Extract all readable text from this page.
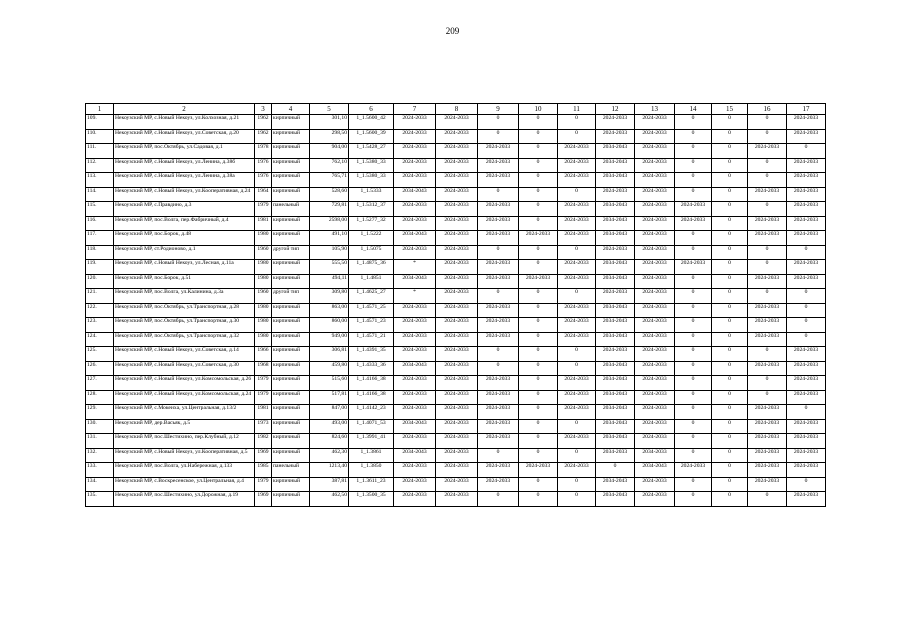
209
1	2	3	4	5	6	7	8	9	10	11	12	13	14	15	16	17
109.	Некоузский МР, с.Новый Некоуз, ул.Колхозная, д.21	1962	кирпичный	301,10	1_1.5600_42	2024-2033	2024-2033	0	0	0	2024-2033	2024-2033	0	0	0	2024-2033
110.	Некоузский МР, с.Новый Некоуз, ул.Советская, д.20	1962	кирпичный	298,50	1_1.5600_39	2024-2033	2024-2033	0	0	0	2024-2033	2024-2033	0	0	0	2024-2033
111.	Некоузский МР, пос.Октябрь, ул.Садовая, д.1	1978	кирпичный	904,00	1_1.5428_27	2024-2033	2024-2033	2024-2033	0	2024-2033	2034-2043	2024-2033	0	0	2024-2033	0
112.	Некоузский МР, с.Новый Некоуз, ул.Ленина, д.38б	1976	кирпичный	762,10	1_1.5380_33	2024-2033	2024-2033	2024-2033	0	2024-2033	2034-2043	2024-2033	0	0	0	2024-2033
113.	Некоузский МР, с.Новый Некоуз, ул.Ленина, д.38а	1976	кирпичный	765,71	1_1.5380_33	2024-2033	2024-2033	2024-2033	0	2024-2033	2034-2043	2024-2033	0	0	0	2024-2033
114.	Некоузский МР, с.Новый Некоуз, ул.Кооперативная, д.24	1964	кирпичный	528,60	1_1.5333	2034-2043	2024-2033	0	0	0	2024-2033	2024-2033	0	0	2024-2033	2024-2033
115.	Некоузский МР, с.Правдино, д.3	1979	панельный	729,81	1_1.5312_37	2024-2033	2024-2033	2024-2033	0	2024-2033	2034-2043	2024-2033	2024-2033	0	0	2024-2033
116.	Некоузский МР, пос.Волга, пер.Фабричный, д.4	1981	кирпичный	2598,00	1_1.5277_32	2024-2033	2024-2033	2024-2033	0	2024-2033	2034-2043	2024-2033	2024-2033	0	2024-2033	2024-2033
117.	Некоузский МР, пос.Борок, д.48	1980	кирпичный	491,10	1_1.5222	2034-2043	2024-2033	2024-2033	2024-2033	2024-2033	2034-2043	2024-2033	0	0	2024-2033	2024-2033
118.	Некоузский МР, ст.Родионово, д.1	1960	другой тип	105,90	1_1.5075	2024-2033	2024-2033	0	0	0	2024-2033	2024-2033	0	0	0	0
119.	Некоузский МР, с.Новый Некоуз, ул.Лесная, д.11а	1980	кирпичный	555,50	1_1.4875_36	*	2024-2033	2024-2033	0	2024-2033	2034-2043	2024-2033	2024-2033	0	0	2024-2033
120.	Некоузский МР, пос.Борок, д.51	1980	кирпичный	494,11	1_1.4851	2034-2043	2024-2033	2024-2033	2024-2033	2024-2033	2034-2043	2024-2033	0	0	2024-2033	2024-2033
121.	Некоузский МР, пос.Волга, ул.Калинина, д.3а	1960	другой тип	309,80	1_1.4625_27	*	2024-2033	0	0	0	2024-2033	2024-2033	0	0	0	0
122.	Некоузский МР, пос.Октябрь, ул.Транспортная, д.28	1980	кирпичный	863,00	1_1.4571_25	2024-2033	2024-2033	2024-2033	0	2024-2033	2034-2043	2024-2033	0	0	2024-2033	0
123.	Некоузский МР, пос.Октябрь, ул.Транспортная, д.30	1980	кирпичный	860,00	1_1.4571_23	2024-2033	2024-2033	2024-2033	0	2024-2033	2034-2043	2024-2033	0	0	2024-2033	0
124.	Некоузский МР, пос.Октябрь, ул.Транспортная, д.32	1980	кирпичный	949,00	1_1.4571_21	2024-2033	2024-2033	2024-2033	0	2024-2033	2034-2043	2024-2033	0	0	2024-2033	0
125.	Некоузский МР, с.Новый Некоуз, ул.Советская, д.14	1966	кирпичный	306,81	1_1.4391_35	2024-2033	2024-2033	0	0	0	2024-2033	2024-2033	0	0	0	2024-2033
126.	Некоузский МР, с.Новый Некоуз, ул.Советская, д.30	1968	кирпичный	459,80	1_1.4333_36	2034-2043	2024-2033	0	0	0	2034-2043	2024-2033	0	0	2024-2033	2024-2033
127.	Некоузский МР, с.Новый Некоуз, ул.Комсомольская, д.26	1979	кирпичный	515,60	1_1.4166_38	2024-2033	2024-2033	2024-2033	0	2024-2033	2034-2043	2024-2033	0	0	0	2024-2033
128.	Некоузский МР, с.Новый Некоуз, ул.Комсомольская, д.24	1979	кирпичный	517,81	1_1.4166_38	2024-2033	2024-2033	2024-2033	0	2024-2033	2034-2043	2024-2033	0	0	0	2024-2033
129.	Некоузский МР, с.Мокеиха, ул.Центральная, д.13/2	1981	кирпичный	847,00	1_1.4142_23	2024-2033	2024-2033	2024-2033	0	2024-2033	2034-2043	2024-2033	0	0	2024-2033	0
130.	Некоузский МР, дер.Васьяк, д.5	1973	кирпичный	493,00	1_1.4071_53	2034-2043	2024-2033	2024-2033	0	0	2034-2043	2024-2033	0	0	2024-2033	2024-2033
131.	Некоузский МР, пос.Шестихино, пер.Клубный, д.12	1982	кирпичный	824,60	1_1.3991_41	2024-2033	2024-2033	2024-2033	0	2024-2033	2034-2043	2024-2033	0	0	2024-2033	2024-2033
132.	Некоузский МР, с.Новый Некоуз, ул.Кооперативная, д.5	1969	кирпичный	462,30	1_1.3861	2034-2043	2024-2033	0	0	0	2034-2033	2034-2033	0	0	2024-2033	2024-2033
133.	Некоузский МР, пос.Волга, ул.Набережная, д.133	1985	панельный	1213,40	1_1.3850	2024-2033	2024-2033	2024-2033	2024-2033	2024-2033	0	2034-2043	2024-2033	0	2024-2033	2024-2033
134.	Некоузский МР, с.Воскресенское, ул.Центральная, д.4	1979	кирпичный	387,81	1_1.3611_23	2024-2033	2024-2033	2024-2033	0	0	2034-2043	2024-2033	0	0	2024-2033	0
135.	Некоузский МР, пос.Шестихино, ул.Дорожная, д.19	1969	кирпичный	462,50	1_1.3500_35	2024-2033	2024-2033	0	0	0	2034-2043	2024-2033	0	0	0	2024-2033
